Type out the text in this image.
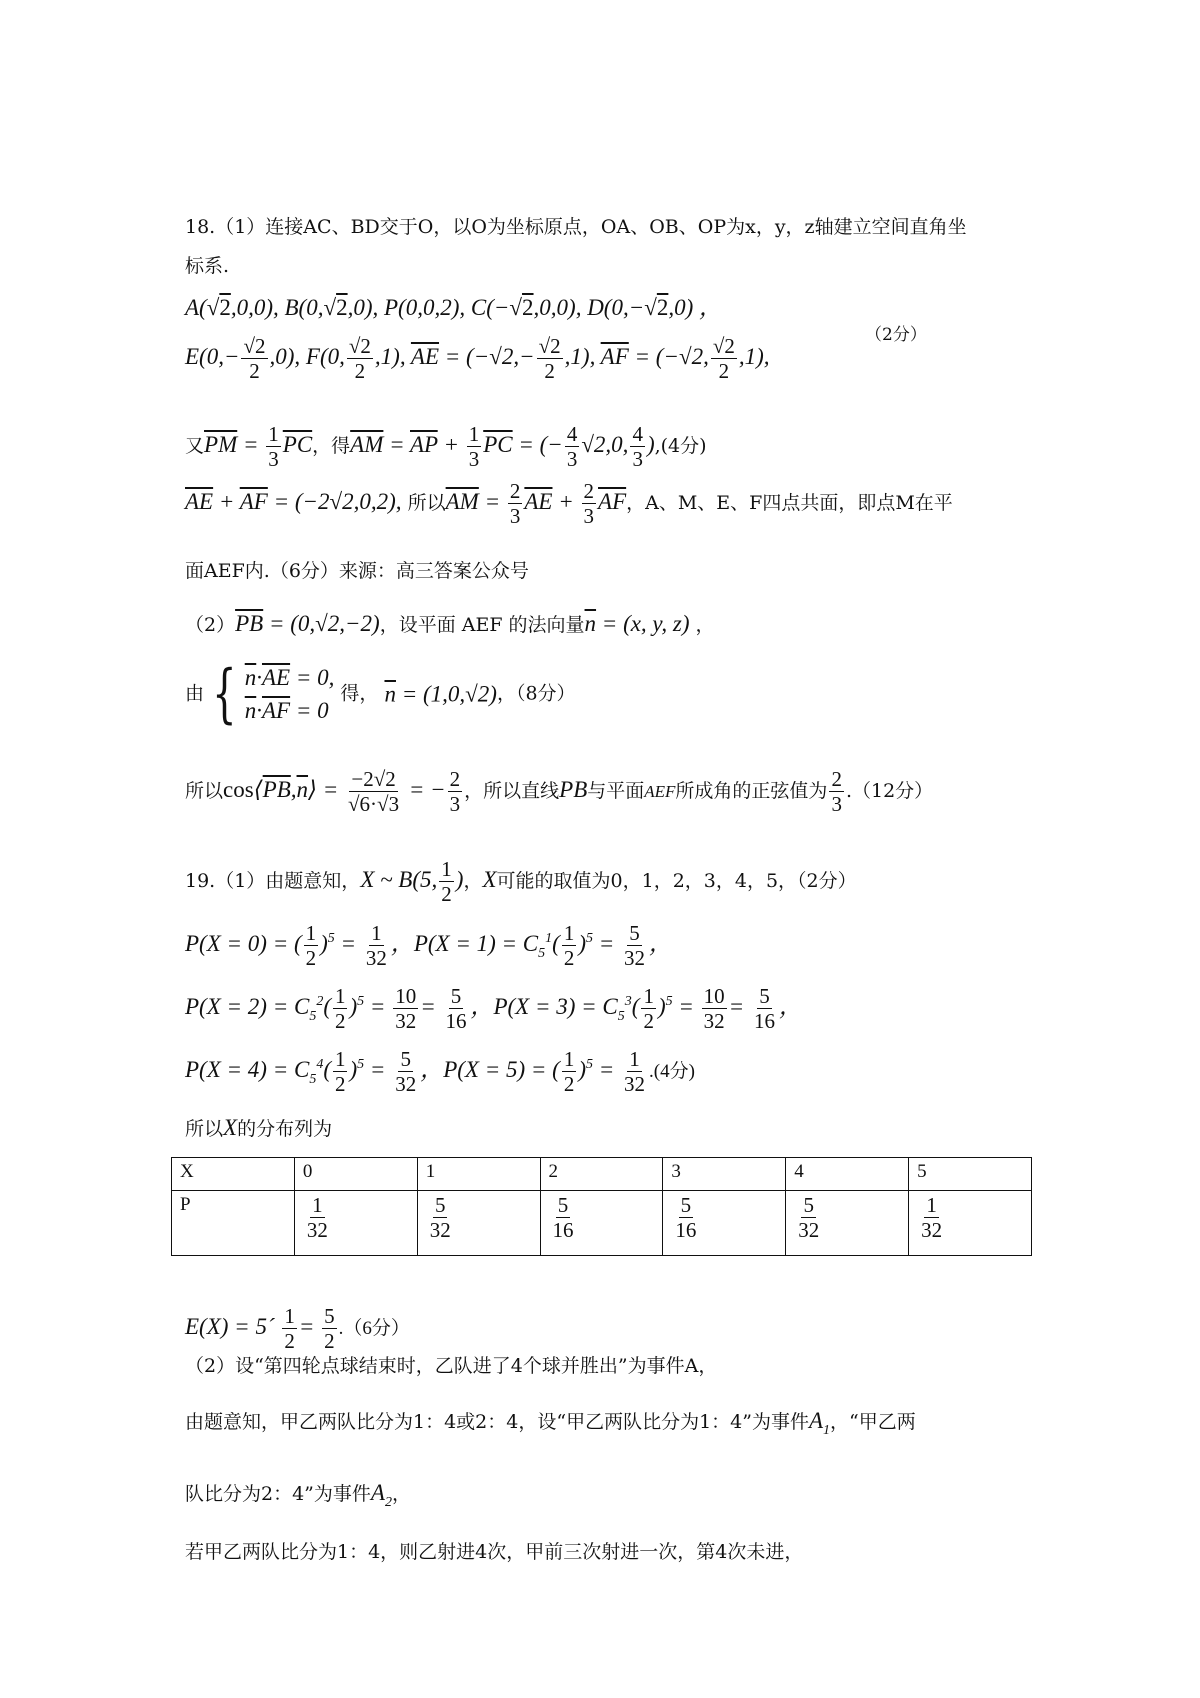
18.（1）连接AC、BD交于O，以O为坐标原点，OA、OB、OP为x，y，z轴建立空间直角坐
标系.
A(√2,0,0), B(0,√2,0), P(0,0,2), C(−√2,0,0), D(0,−√2,0) ，
$E(0,- \frac{√2}{2} ,0)$, F(0, $\frac{√2}{2} ,1$), $\overline{AE} = (-√2,- \frac{√2}{2} ,1)$, $\overline{AF} = (-√2$, $\frac{√2}{2} ,1$),
（2分）
又$\overline{PM} = \frac{1}{3} \overline{PC}$，得$\overline{AM} = \overline{AP} + \frac{1}{3} \overline{PC}$ = (− $\frac{4}{3} √2,0$, $\frac{4}{3} ),(4$分)
$\overline{AE} + \overline{AF} = (-2√2,0,2)$, 所以$\overline{AM} = \frac{2}{3} \overline{AE} + \frac{2}{3} \overline{AF}$，A、M、E、F四点共面，即点M在平
面AEF内.（6分）来源：高三答案公众号
$(2)\overline{PB} = (0,√2,-2)$，设平面 AEF 的法向量$\overline{n} = (x$, y, z) ，
由 { $\overline{n}\cdot\overline{AE} = 0$,
$\overline{n}\cdot\overline{AF} = 0$
得， $\overline{n} = (1,0,√2)$，（8分）
所以$\cos⟨\overline{PB},\overline{n}⟩ = \frac{-2√2}{√6\cdot√3}$ = − $\frac{2}{3}$ ，所以直线PB与平面AEF所成角的正弦值为 $\frac{2}{3} .(12$分）
19.（1）由题意知，X ~ B(5, $\frac{1}{2}$ )，X可能的取值为0，1，2，3，4，5，（2分）
P(X = 0) = ( $\frac{1}{2} )^5 = \frac{1}{32}$ ，$P(X = 1) = C_5^1( \frac{1}{2} )^5 = \frac{5}{32}$ ，
$P(X = 2) = C_5^2( \frac{1}{2} )^5 = \frac{10}{32} = \frac{5}{16}$ ，$P(X = 3) = C_5^3( \frac{1}{2} )^5 = \frac{10}{32} = \frac{5}{16}$ ，
$P(X = 4) = C_5^4( \frac{1}{2} )^5 = \frac{5}{32}$ ，P(X = 5) = ( $\frac{1}{2} )^5 = \frac{1}{32} .(4$分)
所以X的分布列为
X	0	1	2	3	4	5
P	$\frac{1}{32}$	$\frac{5}{32}$	$\frac{5}{16}$	$\frac{5}{16}$	$\frac{5}{32}$	$\frac{1}{32}$
E(X) = 5´ $\frac{1}{2} = \frac{5}{2} .(6$分）
（2）设“第四轮点球结束时，乙队进了4个球并胜出”为事件A，
由题意知，甲乙两队比分为1：4或2：4，设“甲乙两队比分为1：4”为事件$A_1$，“甲乙两
队比分为2：4”为事件$A_2$，
若甲乙两队比分为1：4，则乙射进4次，甲前三次射进一次，第4次未进，
